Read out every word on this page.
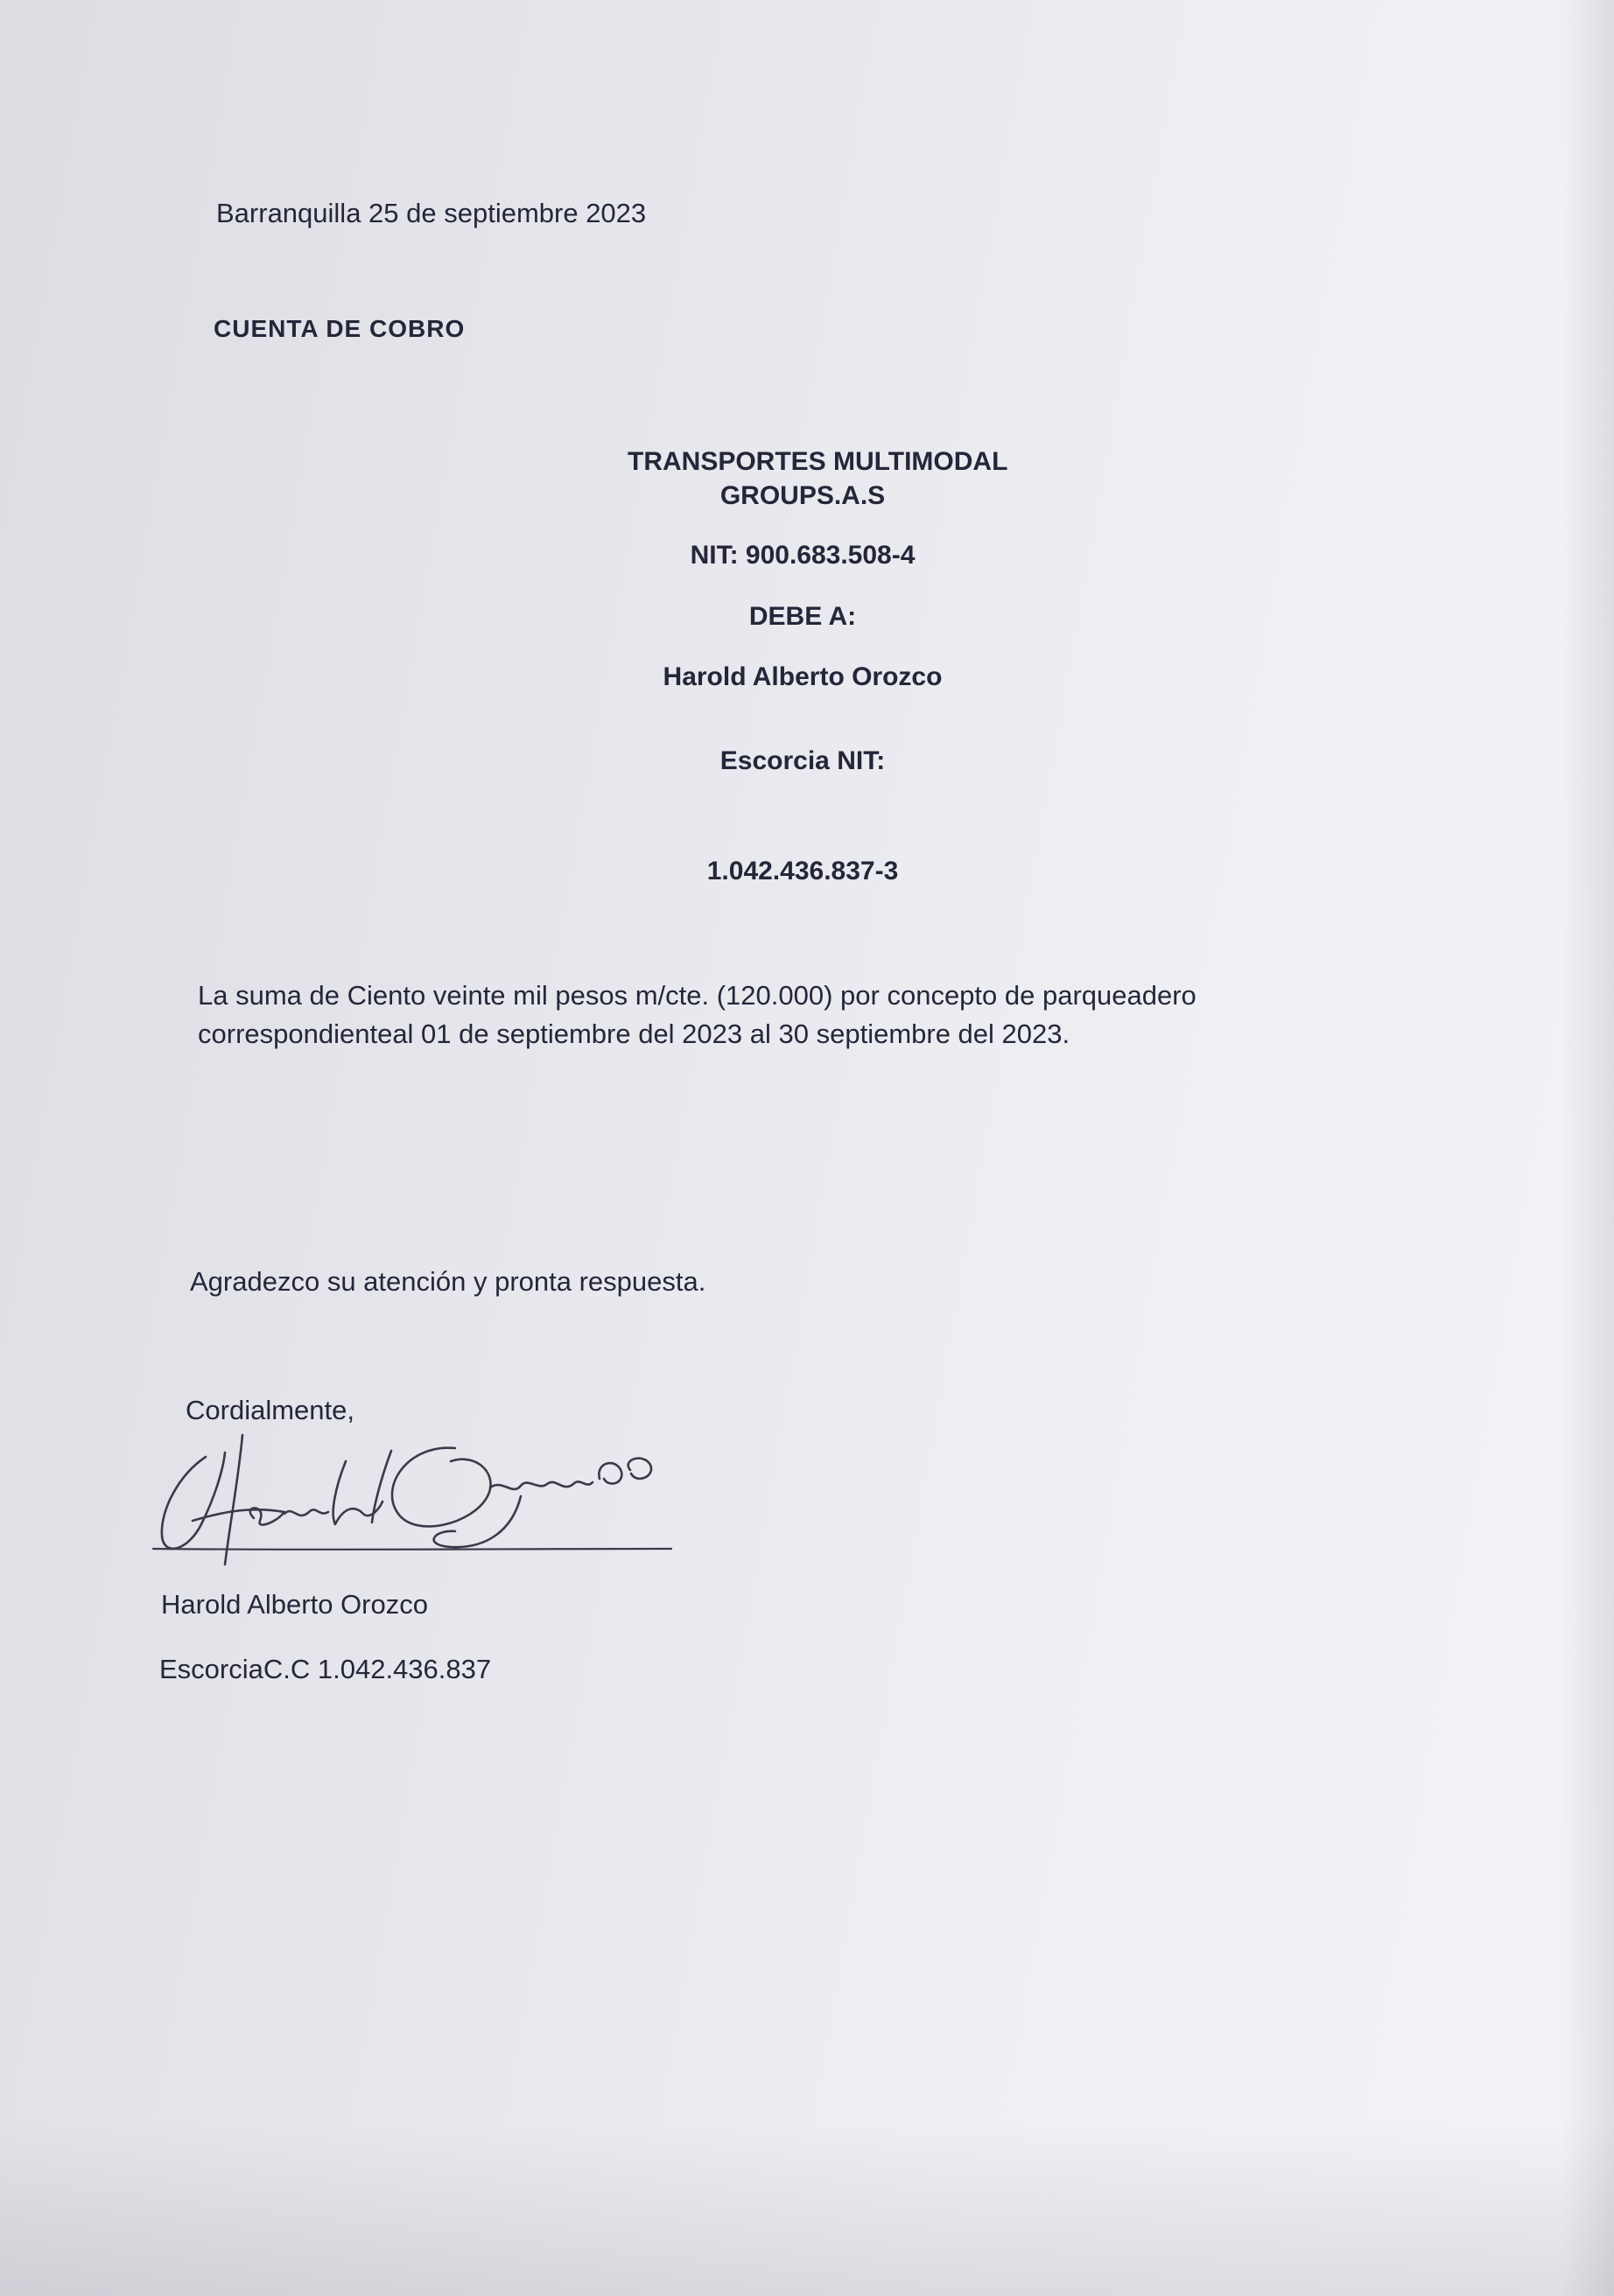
Barranquilla 25 de septiembre 2023
CUENTA DE COBRO
TRANSPORTES MULTIMODAL
GROUPS.A.S
NIT: 900.683.508-4
DEBE A:
Harold Alberto Orozco
Escorcia NIT:
1.042.436.837-3
La suma de Ciento veinte mil pesos m/cte. (120.000) por concepto de parqueadero
correspondienteal 01 de septiembre del 2023 al 30 septiembre del 2023.
Agradezco su atención y pronta respuesta.
Cordialmente,
Harold Alberto Orozco
EscorciaC.C 1.042.436.837
